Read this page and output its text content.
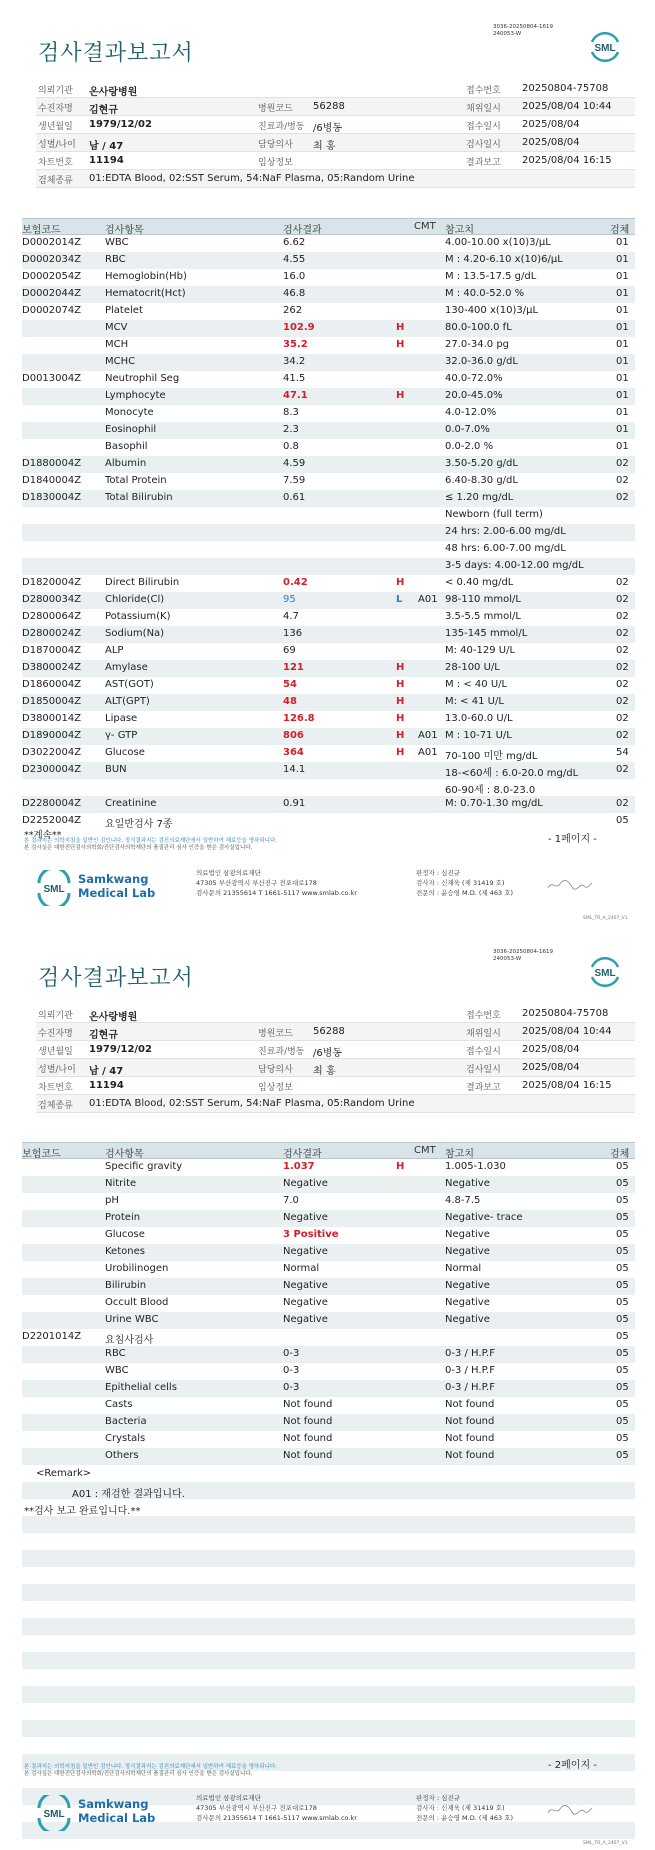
검사결과보고서
3036-20250804-1619
240053-W
SML
의뢰기관 온사랑병원	접수번호 20250804-75708
수진자명 김현규	병원코드 56288	채위일시 2025/08/04 10:44
생년월일 1979/12/02	진료과/병동 /6병동	접수일시 2025/08/04
성별/나이 남 / 47	담당의사 최 홍	검사일시 2025/08/04
차트번호 11194	임상정보	결과보고 2025/08/04 16:15
검체종류 01:EDTA Blood, 02:SST Serum, 54:NaF Plasma, 05:Random Urine
보험코드	검사항목	검사결과	CMT 참고치	검체
D0002014Z WBC	6.62	4.00-10.00 x(10)3/μL	01
D0002034Z RBC	4.55	M : 4.20-6.10 x(10)6/μL	01
D0002054Z Hemoglobin(Hb)	16.0	M : 13.5-17.5 g/dL	01
D0002044Z Hematocrit(Hct)	46.8	M : 40.0-52.0 %	01
D0002074Z Platelet	262	130-400 x(10)3/μL	01
MCV	102.9	H	80.0-100.0 fL	01
MCH	35.2	H	27.0-34.0 pg	01
MCHC	34.2	32.0-36.0 g/dL	01
D0013004Z Neutrophil Seg	41.5	40.0-72.0%	01
Lymphocyte	47.1	H	20.0-45.0%	01
Monocyte	8.3	4.0-12.0%	01
Eosinophil	2.3	0.0-7.0%	01
Basophil	0.8	0.0-2.0 %	01
D1880004Z Albumin	4.59	3.50-5.20 g/dL	02
D1840004Z Total Protein	7.59	6.40-8.30 g/dL	02
D1830004Z Total Bilirubin	0.61	≤ 1.20 mg/dL	02
Newborn (full term)
24 hrs: 2.00-6.00 mg/dL
48 hrs: 6.00-7.00 mg/dL
3-5 days: 4.00-12.00 mg/dL
D1820004Z Direct Bilirubin	0.42	H	< 0.40 mg/dL	02
D2800034Z Chloride(Cl)	95	L A01 98-110 mmol/L	02
D2800064Z Potassium(K)	4.7	3.5-5.5 mmol/L	02
D2800024Z Sodium(Na)	136	135-145 mmol/L	02
D1870004Z ALP	69	M: 40-129 U/L	02
D3800024Z Amylase	121	H	28-100 U/L	02
D1860004Z AST(GOT)	54	H	M : < 40 U/L	02
D1850004Z ALT(GPT)	48	H	M: < 41 U/L	02
D3800014Z Lipase	126.8	H	13.0-60.0 U/L	02
D1890004Z γ- GTP	806	H A01 M : 10-71 U/L	02
D3022004Z Glucose	364	H A01 70-100 미만 mg/dL	54
D2300004Z BUN	14.1	18-<60세 : 6.0-20.0 mg/dL	02
60-90세 : 8.0-23.0
D2280004Z Creatinine	0.91	M: 0.70-1.30 mg/dL	02
D2252004Z 요일반검사 7종	05
**계속**	- 1페이지 -
본 결과지는 의학지침을 일반인 검인니다. 정식결과지는 검진의료재단에서 일반하여 해료등을 명하되니다.
본 검사실은 대한진단검사의학회/진단검사의학재단의 품질관리 심사 인증을 받은 검사실입니다.
SML
Samkwang
Medical Lab
의료법인 삼광의료재단
47305 부산광역시 부산진구 전포대로178
검사문의 21355614 T 1661-5117 www.smlab.co.kr
판정자 : 심진규
검사자 : 신재욱 (제 31419 호)
전문의 : 윤승영 M.D. (제 463 호)
SML_TR_A_2407_V1
검사결과보고서
3036-20250804-1619
240053-W
SML
의뢰기관 온사랑병원	접수번호 20250804-75708
수진자명 김현규	병원코드 56288	채위일시 2025/08/04 10:44
생년월일 1979/12/02	진료과/병동 /6병동	접수일시 2025/08/04
성별/나이 남 / 47	담당의사 최 홍	검사일시 2025/08/04
차트번호 11194	임상정보	결과보고 2025/08/04 16:15
검체종류 01:EDTA Blood, 02:SST Serum, 54:NaF Plasma, 05:Random Urine
보험코드	검사항목	검사결과	CMT 참고치	검체
Specific gravity	1.037	H	1.005-1.030	05
Nitrite	Negative	Negative	05
pH	7.0	4.8-7.5	05
Protein	Negative	Negative- trace	05
Glucose	3 Positive	Negative	05
Ketones	Negative	Negative	05
Urobilinogen	Normal	Normal	05
Bilirubin	Negative	Negative	05
Occult Blood	Negative	Negative	05
Urine WBC	Negative	Negative	05
D2201014Z 요침사검사	05
RBC	0-3	0-3 / H.P.F	05
WBC	0-3	0-3 / H.P.F	05
Epithelial cells	0-3	0-3 / H.P.F	05
Casts	Not found	Not found	05
Bacteria	Not found	Not found	05
Crystals	Not found	Not found	05
Others	Not found	Not found	05
<Remark>
A01 : 재검한 결과입니다.
**검사 보고 완료입니다.**
- 2페이지 -
본 결과지는 의학지침을 일반인 검인니다. 정식결과지는 검진의료재단에서 일반하여 해료등을 명하되니다.
본 검사실은 대한진단검사의학회/진단검사의학재단의 품질관리 심사 인증을 받은 검사실입니다.
SML
Samkwang
Medical Lab
의료법인 삼광의료재단
47305 부산광역시 부산진구 전포대로178
검사문의 21355614 T 1661-5117 www.smlab.co.kr
판정자 : 심진규
검사자 : 신재욱 (제 31419 호)
전문의 : 윤승영 M.D. (제 463 호)
SML_TR_A_2407_V1
